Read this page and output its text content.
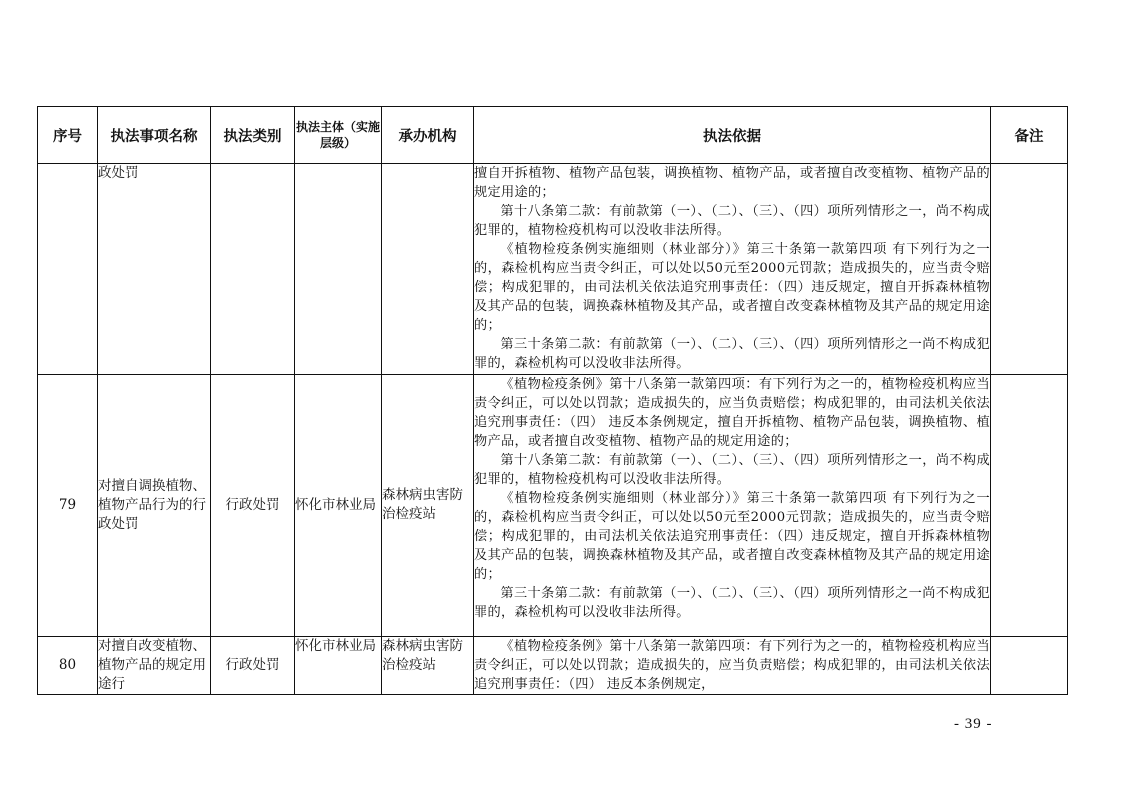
序号	执法事项名称	执法类别	执法主体（实施层级）	承办机构	执法依据	备注
	政处罚				擅自开拆植物、植物产品包装，调换植物、植物产品，或者擅自改变植物、植物产品的规定用途的；

第十八条第二款：有前款第（一）、（二）、（三）、（四）项所列情形之一，尚不构成犯罪的，植物检疫机构可以没收非法所得。

《植物检疫条例实施细则（林业部分）》第三十条第一款第四项 有下列行为之一的，森检机构应当责令纠正，可以处以50元至2000元罚款；造成损失的，应当责令赔偿；构成犯罪的，由司法机关依法追究刑事责任：（四）违反规定，擅自开拆森林植物及其产品的包装，调换森林植物及其产品，或者擅自改变森林植物及其产品的规定用途的；

第三十条第二款：有前款第（一）、（二）、（三）、（四）项所列情形之一尚不构成犯罪的，森检机构可以没收非法所得。	

79	对擅自调换植物、植物产品行为的行政处罚	行政处罚	怀化市林业局	森林病虫害防治检疫站	《植物检疫条例》第十八条第一款第四项：有下列行为之一的，植物检疫机构应当责令纠正，可以处以罚款；造成损失的，应当负责赔偿；构成犯罪的，由司法机关依法追究刑事责任：（四） 违反本条例规定，擅自开拆植物、植物产品包装，调换植物、植物产品，或者擅自改变植物、植物产品的规定用途的；

第十八条第二款：有前款第（一）、（二）、（三）、（四）项所列情形之一，尚不构成犯罪的，植物检疫机构可以没收非法所得。

《植物检疫条例实施细则（林业部分）》第三十条第一款第四项 有下列行为之一的，森检机构应当责令纠正，可以处以50元至2000元罚款；造成损失的，应当责令赔偿；构成犯罪的，由司法机关依法追究刑事责任：（四）违反规定，擅自开拆森林植物及其产品的包装，调换森林植物及其产品，或者擅自改变森林植物及其产品的规定用途的；

第三十条第二款：有前款第（一）、（二）、（三）、（四）项所列情形之一尚不构成犯罪的，森检机构可以没收非法所得。	

80	对擅自改变植物、植物产品的规定用途行	行政处罚	怀化市林业局	森林病虫害防治检疫站	《植物检疫条例》第十八条第一款第四项：有下列行为之一的，植物检疫机构应当责令纠正，可以处以罚款；造成损失的，应当负责赔偿；构成犯罪的，由司法机关依法追究刑事责任：（四） 违反本条例规定，	

- 39 -
